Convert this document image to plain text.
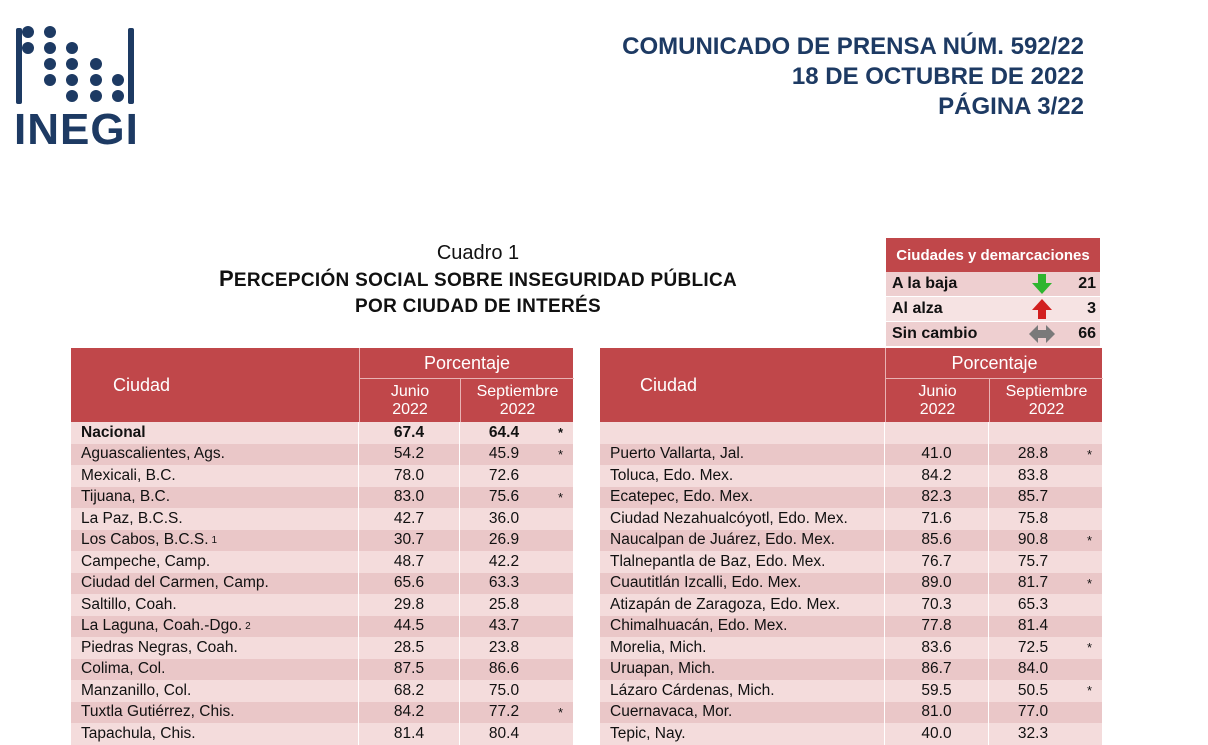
INEGI
COMUNICADO DE PRENSA NÚM. 592/22
18 DE OCTUBRE DE 2022
PÁGINA 3/22
Cuadro 1
PERCEPCIÓN SOCIAL SOBRE INSEGURIDAD PÚBLICA
POR CIUDAD DE INTERÉS
Ciudades y demarcaciones
A la baja	21
Al alza	3
Sin cambio	66
Ciudad
Porcentaje
Junio
2022
Septiembre
2022
Nacional	67.4	64.4	*
Aguascalientes, Ags.	54.2	45.9	*
Mexicali, B.C.	78.0	72.6
Tijuana, B.C.	83.0	75.6	*
La Paz, B.C.S.	42.7	36.0
Los Cabos, B.C.S. 1	30.7	26.9
Campeche, Camp.	48.7	42.2
Ciudad del Carmen, Camp.	65.6	63.3
Saltillo, Coah.	29.8	25.8
La Laguna, Coah.-Dgo. 2	44.5	43.7
Piedras Negras, Coah.	28.5	23.8
Colima, Col.	87.5	86.6
Manzanillo, Col.	68.2	75.0
Tuxtla Gutiérrez, Chis.	84.2	77.2	*
Tapachula, Chis.	81.4	80.4
Ciudad
Porcentaje
Junio
2022
Septiembre
2022
Puerto Vallarta, Jal.	41.0	28.8	*
Toluca, Edo. Mex.	84.2	83.8
Ecatepec, Edo. Mex.	82.3	85.7
Ciudad Nezahualcóyotl, Edo. Mex.	71.6	75.8
Naucalpan de Juárez, Edo. Mex.	85.6	90.8	*
Tlalnepantla de Baz, Edo. Mex.	76.7	75.7
Cuautitlán Izcalli, Edo. Mex.	89.0	81.7	*
Atizapán de Zaragoza, Edo. Mex.	70.3	65.3
Chimalhuacán, Edo. Mex.	77.8	81.4
Morelia, Mich.	83.6	72.5	*
Uruapan, Mich.	86.7	84.0
Lázaro Cárdenas, Mich.	59.5	50.5	*
Cuernavaca, Mor.	81.0	77.0
Tepic, Nay.	40.0	32.3
